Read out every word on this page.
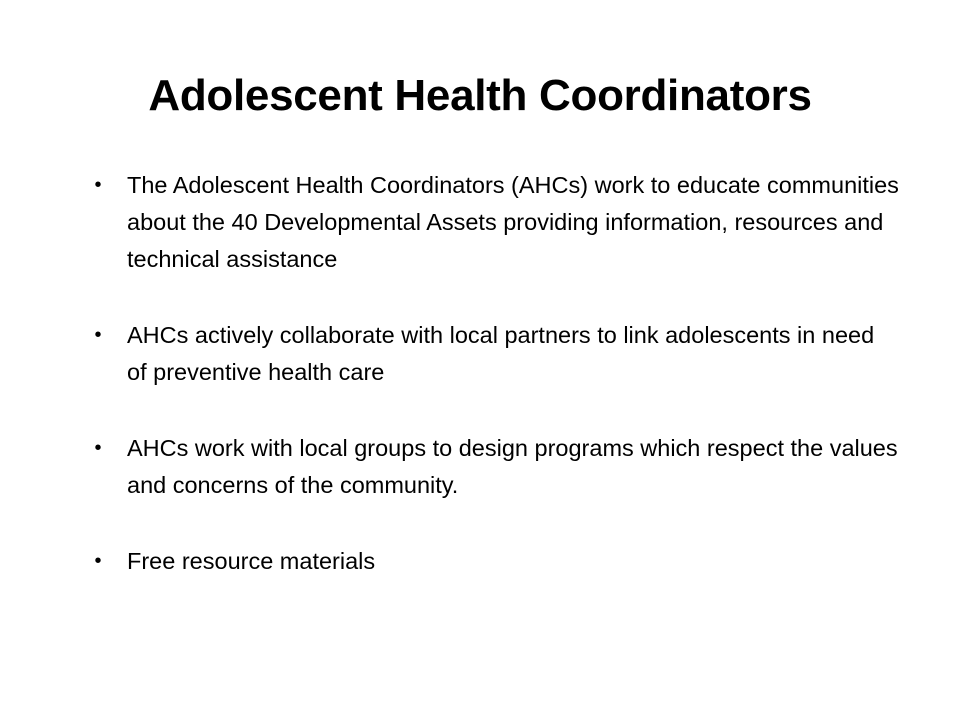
Adolescent Health Coordinators
• The Adolescent Health Coordinators (AHCs) work to educate communities about the 40 Developmental Assets providing information, resources and technical assistance
• AHCs actively collaborate with local partners to link adolescents in need of preventive health care
• AHCs work with local groups to design programs which respect the values and concerns of the community.
• Free resource materials
